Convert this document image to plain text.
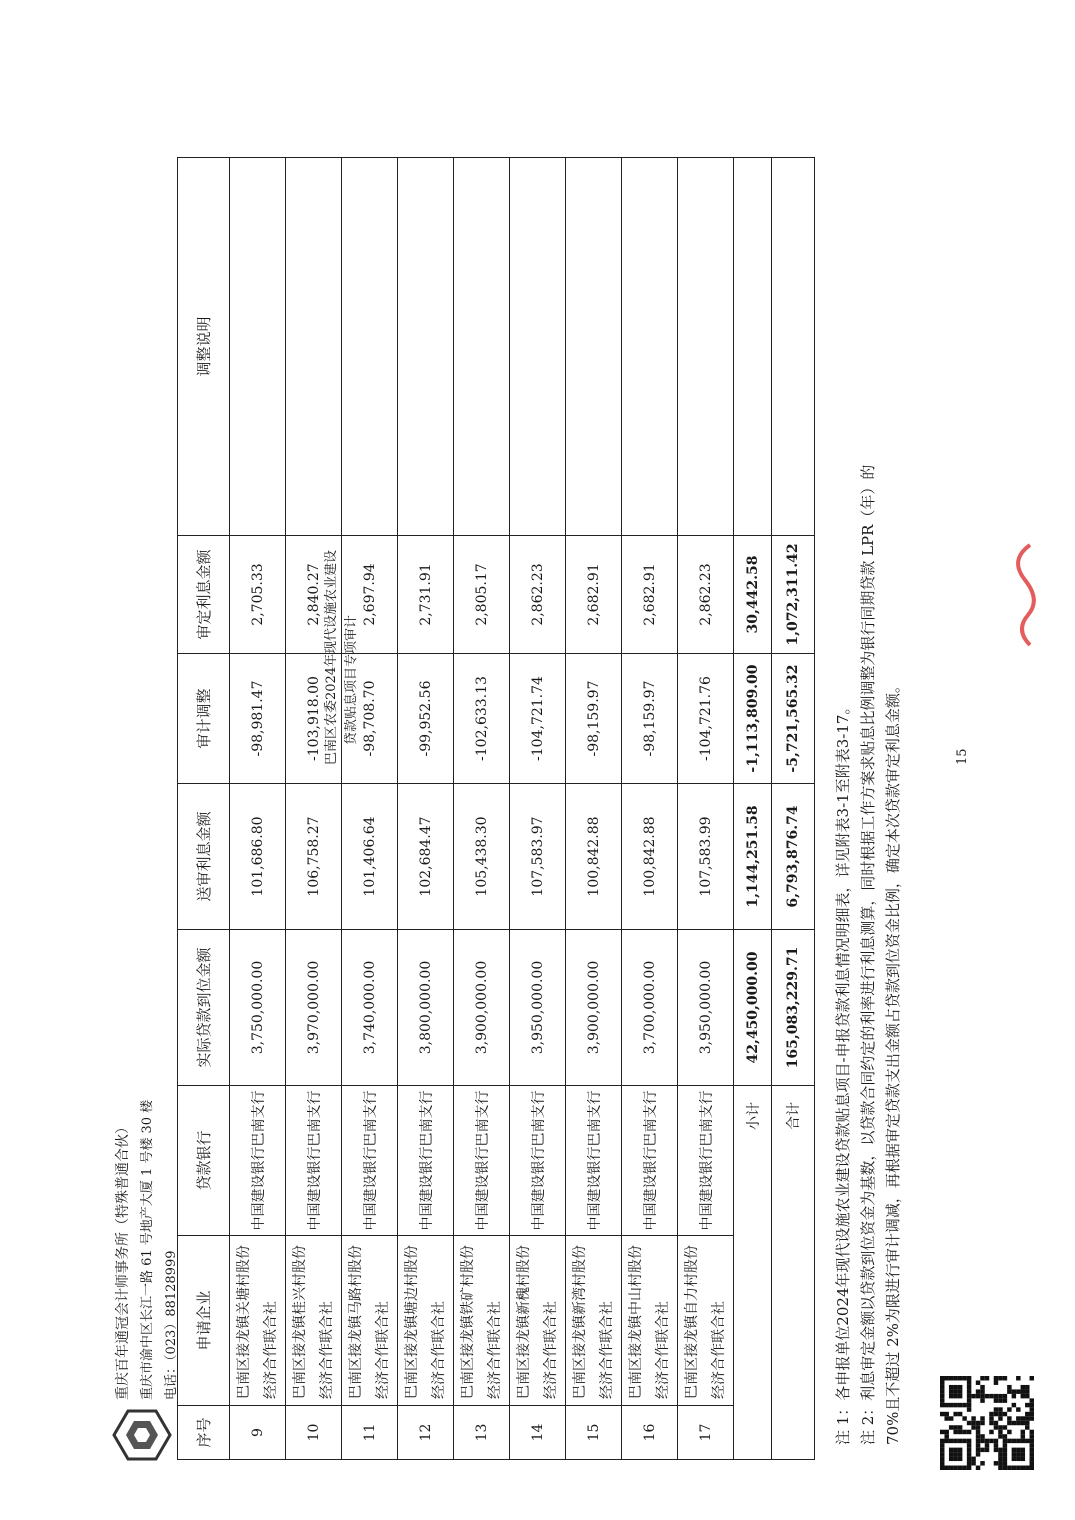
重庆百年通冠会计师事务所（特殊普通合伙） 重庆市渝中区长江一路 61 号地产大厦 1 号楼 30 楼 电话：（023）88128999
巴南区农委2024年现代设施农业建设 贷款贴息项目专项审计
序号	申请企业	贷款银行	实际贷款到位金额	送审利息金额	审计调整	审定利息金额	调整说明
9	巴南区接龙镇关塘村股份经济合作联合社	中国建设银行巴南支行	3,750,000.00	101,686.80	-98,981.47	2,705.33	
10	巴南区接龙镇桂兴村股份经济合作联合社	中国建设银行巴南支行	3,970,000.00	106,758.27	-103,918.00	2,840.27	
11	巴南区接龙镇马路村股份经济合作联合社	中国建设银行巴南支行	3,740,000.00	101,406.64	-98,708.70	2,697.94	
12	巴南区接龙镇塘边村股份经济合作联合社	中国建设银行巴南支行	3,800,000.00	102,684.47	-99,952.56	2,731.91	
13	巴南区接龙镇铁矿村股份经济合作联合社	中国建设银行巴南支行	3,900,000.00	105,438.30	-102,633.13	2,805.17	
14	巴南区接龙镇新槐村股份经济合作联合社	中国建设银行巴南支行	3,950,000.00	107,583.97	-104,721.74	2,862.23	
15	巴南区接龙镇新湾村股份经济合作联合社	中国建设银行巴南支行	3,900,000.00	100,842.88	-98,159.97	2,682.91	
16	巴南区接龙镇中山村股份经济合作联合社	中国建设银行巴南支行	3,700,000.00	100,842.88	-98,159.97	2,682.91	
17	巴南区接龙镇自力村股份经济合作联合社	中国建设银行巴南支行	3,950,000.00	107,583.99	-104,721.76	2,862.23	
小计			42,450,000.00	1,144,251.58	-1,113,809.00	30,442.58	
合计			165,083,229.71	6,793,876.74	-5,721,565.32	1,072,311.42	
注 1：各申报单位2024年现代设施农业建设贷款贴息项目-申报贷款利息情况明细表，详见附表3-1至附表3-17。 注 2：利息审定金额以贷款到位资金为基数，以贷款合同约定的利率进行利息测算，同时根据工作方案求贴息比例调整为银行同期贷款 LPR（年）的 70%且不超过 2%为限进行审计调减，再根据审定贷款支出金额占贷款到位资金比例，确定本次贷款审定利息金额。	15
